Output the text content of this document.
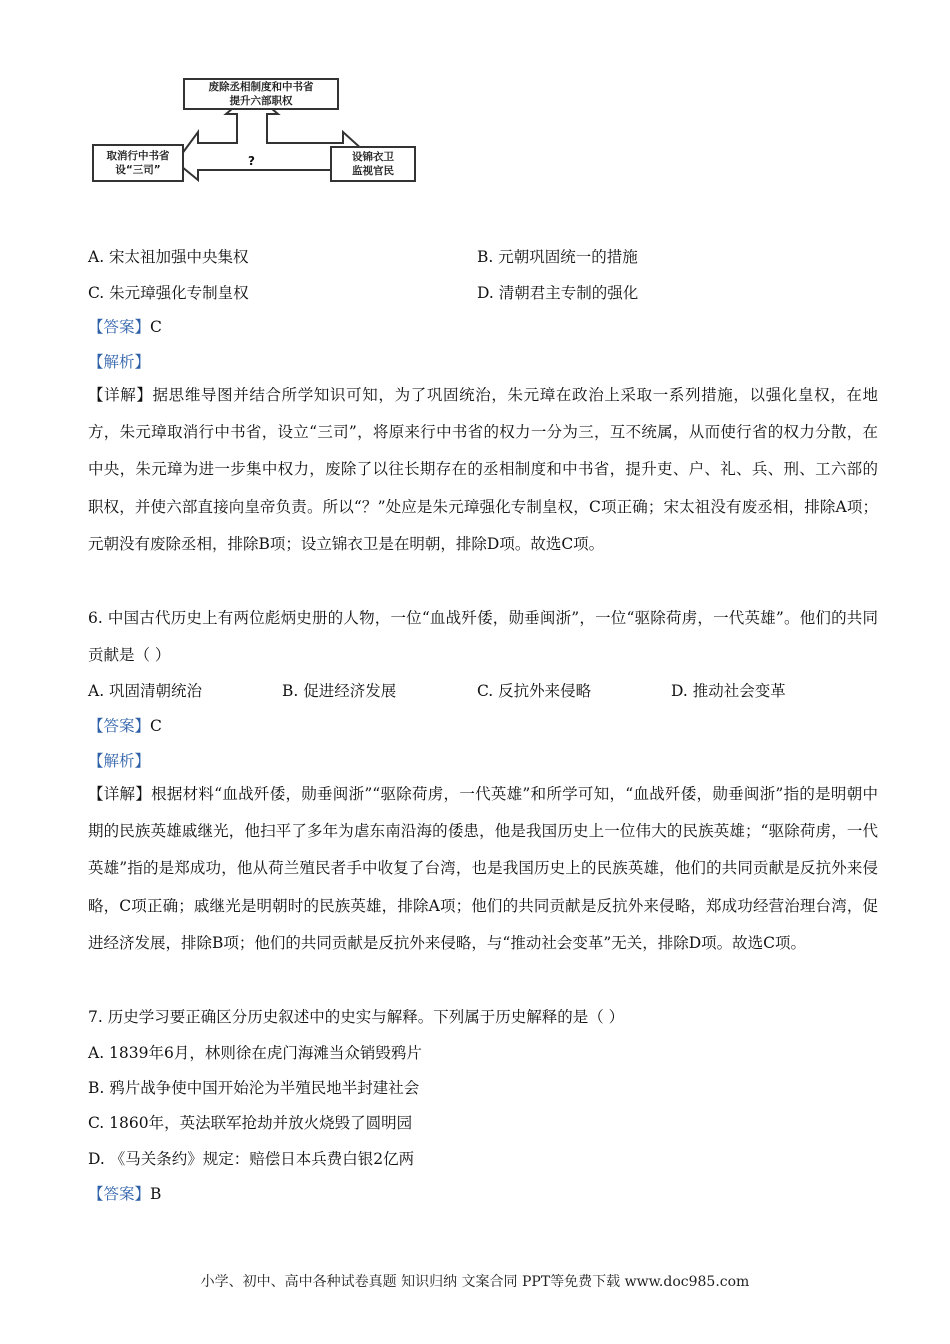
废除丞相制度和中书省
提升六部职权
取消行中书省
设“三司”
设锦衣卫
监视官民
?
A. 宋太祖加强中央集权	B. 元朝巩固统一的措施
C. 朱元璋强化专制皇权	D. 清朝君主专制的强化
【答案】C
【解析】
【详解】据思维导图并结合所学知识可知，为了巩固统治，朱元璋在政治上采取一系列措施，以强化皇权，在地方，朱元璋取消行中书省，设立“三司”，将原来行中书省的权力一分为三，互不统属，从而使行省的权力分散，在中央，朱元璋为进一步集中权力，废除了以往长期存在的丞相制度和中书省，提升吏、户、礼、兵、刑、工六部的职权，并使六部直接向皇帝负责。所以“？”处应是朱元璋强化专制皇权，C项正确；宋太祖没有废丞相，排除A项；元朝没有废除丞相，排除B项；设立锦衣卫是在明朝，排除D项。故选C项。
6. 中国古代历史上有两位彪炳史册的人物，一位“血战歼倭，勋垂闽浙”，一位“驱除荷虏，一代英雄”。他们的共同贡献是（ ）
A. 巩固清朝统治	B. 促进经济发展	C. 反抗外来侵略	D. 推动社会变革
【答案】C
【解析】
【详解】根据材料“血战歼倭，勋垂闽浙”“驱除荷虏，一代英雄”和所学可知，“血战歼倭，勋垂闽浙”指的是明朝中期的民族英雄戚继光，他扫平了多年为虐东南沿海的倭患，他是我国历史上一位伟大的民族英雄；“驱除荷虏，一代英雄”指的是郑成功，他从荷兰殖民者手中收复了台湾，也是我国历史上的民族英雄，他们的共同贡献是反抗外来侵略，C项正确；戚继光是明朝时的民族英雄，排除A项；他们的共同贡献是反抗外来侵略，郑成功经营治理台湾，促进经济发展，排除B项；他们的共同贡献是反抗外来侵略，与“推动社会变革”无关，排除D项。故选C项。
7. 历史学习要正确区分历史叙述中的史实与解释。下列属于历史解释的是（ ）
A. 1839年6月，林则徐在虎门海滩当众销毁鸦片
B. 鸦片战争使中国开始沦为半殖民地半封建社会
C. 1860年，英法联军抢劫并放火烧毁了圆明园
D. 《马关条约》规定：赔偿日本兵费白银2亿两
【答案】B
小学、初中、高中各种试卷真题 知识归纳 文案合同 PPT等免费下载 www.doc985.com
